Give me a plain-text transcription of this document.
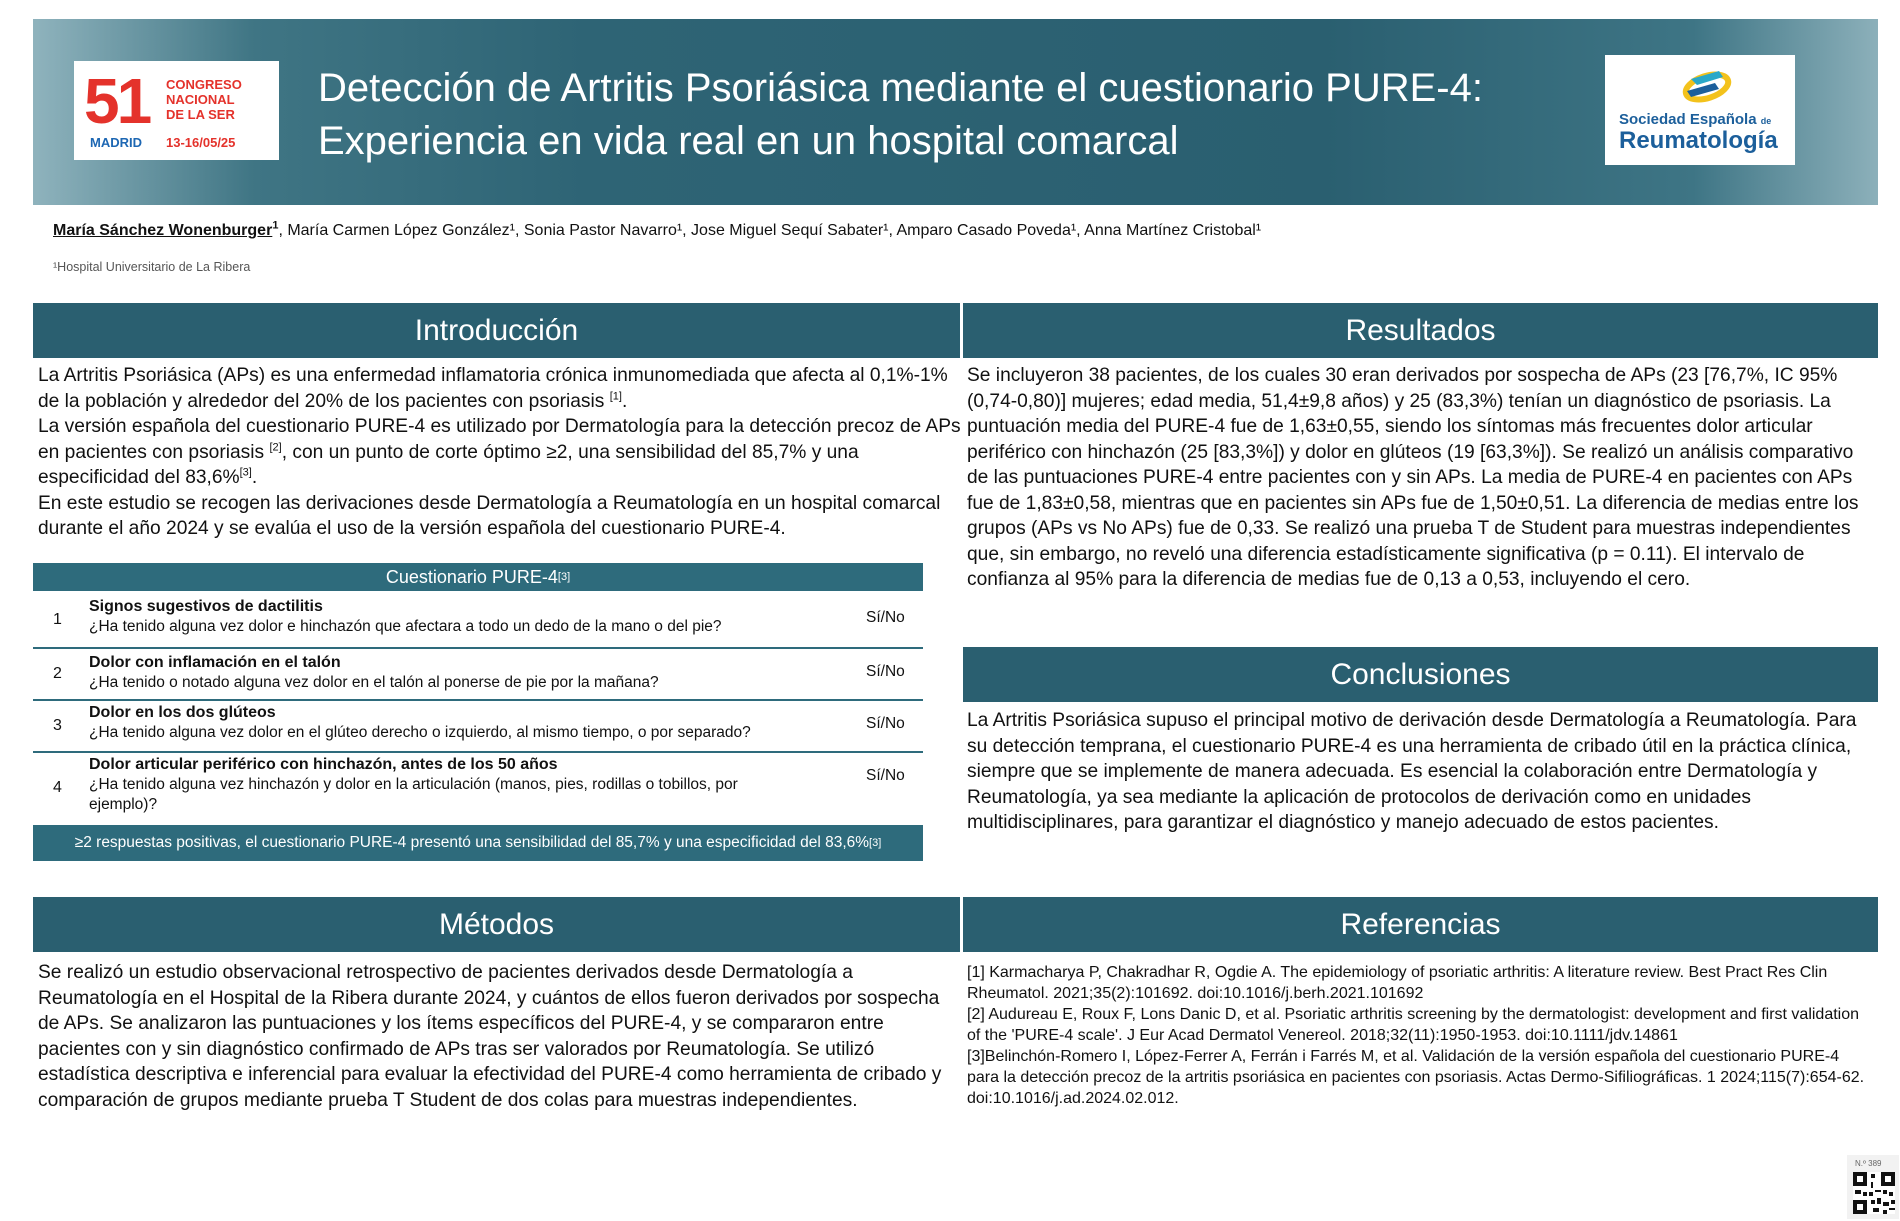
51 CONGRESO
NACIONAL
DE LA SER
MADRID 13-16/05/25
Detección de Artritis Psoriásica mediante el cuestionario PURE-4:
Experiencia en vida real en un hospital comarcal	Sociedad Española de
Reumatología
María Sánchez Wonenburger$^1$, María Carmen López González¹, Sonia Pastor Navarro¹, Jose Miguel Sequí Sabater¹, Amparo Casado Poveda¹, Anna Martínez Cristobal¹
¹Hospital Universitario de La Ribera
Introducción

La Artritis Psoriásica (APs) es una enfermedad inflamatoria crónica inmunomediada que afecta al 0,1%-1% de la población y alrededor del 20% de los pacientes con psoriasis [1].

La versión española del cuestionario PURE-4 es utilizado por Dermatología para la detección precoz de APs en pacientes con psoriasis [2], con un punto de corte óptimo ≥2, una sensibilidad del 85,7% y una especificidad del 83,6%[3].

En este estudio se recogen las derivaciones desde Dermatología a Reumatología en un hospital comarcal durante el año 2024 y se evalúa el uso de la versión española del cuestionario PURE-4.

Cuestionario PURE-4 [3]
1
Signos sugestivos de dactilitis
¿Ha tenido alguna vez dolor e hinchazón que afectara a todo un dedo de la mano o del pie?
Sí/No
2
Dolor con inflamación en el talón
¿Ha tenido o notado alguna vez dolor en el talón al ponerse de pie por la mañana?
Sí/No
3
Dolor en los dos glúteos
¿Ha tenido alguna vez dolor en el glúteo derecho o izquierdo, al mismo tiempo, o por separado?
Sí/No
4
Dolor articular periférico con hinchazón, antes de los 50 años
¿Ha tenido alguna vez hinchazón y dolor en la articulación (manos, pies, rodillas o tobillos, por ejemplo)?
Sí/No
≥2 respuestas positivas, el cuestionario PURE-4 presentó una sensibilidad del 85,7% y una especificidad del 83,6% [3]
Resultados
Se incluyeron 38 pacientes, de los cuales 30 eran derivados por sospecha de APs (23 [76,7%, IC 95% (0,74-0,80)] mujeres; edad media, 51,4±9,8 años) y 25 (83,3%) tenían un diagnóstico de psoriasis. La puntuación media del PURE-4 fue de 1,63±0,55, siendo los síntomas más frecuentes dolor articular periférico con hinchazón (25 [83,3%]) y dolor en glúteos (19 [63,3%]). Se realizó un análisis comparativo de las puntuaciones PURE-4 entre pacientes con y sin APs. La media de PURE-4 en pacientes con APs fue de 1,83±0,58, mientras que en pacientes sin APs fue de 1,50±0,51. La diferencia de medias entre los grupos (APs vs No APs) fue de 0,33. Se realizó una prueba T de Student para muestras independientes que, sin embargo, no reveló una diferencia estadísticamente significativa (p = 0.11). El intervalo de confianza al 95% para la diferencia de medias fue de 0,13 a 0,53, incluyendo el cero.
Conclusiones
La Artritis Psoriásica supuso el principal motivo de derivación desde Dermatología a Reumatología. Para su detección temprana, el cuestionario PURE-4 es una herramienta de cribado útil en la práctica clínica, siempre que se implemente de manera adecuada. Es esencial la colaboración entre Dermatología y Reumatología, ya sea mediante la aplicación de protocolos de derivación como en unidades multidisciplinares, para garantizar el diagnóstico y manejo adecuado de estos pacientes.
Métodos
Se realizó un estudio observacional retrospectivo de pacientes derivados desde Dermatología a Reumatología en el Hospital de la Ribera durante 2024, y cuántos de ellos fueron derivados por sospecha de APs. Se analizaron las puntuaciones y los ítems específicos del PURE-4, y se compararon entre pacientes con y sin diagnóstico confirmado de APs tras ser valorados por Reumatología. Se utilizó estadística descriptiva e inferencial para evaluar la efectividad del PURE-4 como herramienta de cribado y comparación de grupos mediante prueba T Student de dos colas para muestras independientes.
Referencias

[1] Karmacharya P, Chakradhar R, Ogdie A. The epidemiology of psoriatic arthritis: A literature review. Best Pract Res Clin Rheumatol. 2021;35(2):101692. doi:10.1016/j.berh.2021.101692

[2] Audureau E, Roux F, Lons Danic D, et al. Psoriatic arthritis screening by the dermatologist: development and first validation of the 'PURE-4 scale'. J Eur Acad Dermatol Venereol. 2018;32(11):1950-1953. doi:10.1111/jdv.14861

[3]Belinchón-Romero I, López-Ferrer A, Ferrán i Farrés M, et al. Validación de la versión española del cuestionario PURE-4 para la detección precoz de la artritis psoriásica en pacientes con psoriasis. Actas Dermo-Sifiliográficas. 1 2024;115(7):654-62. doi:10.1016/j.ad.2024.02.012.

N.º 389
